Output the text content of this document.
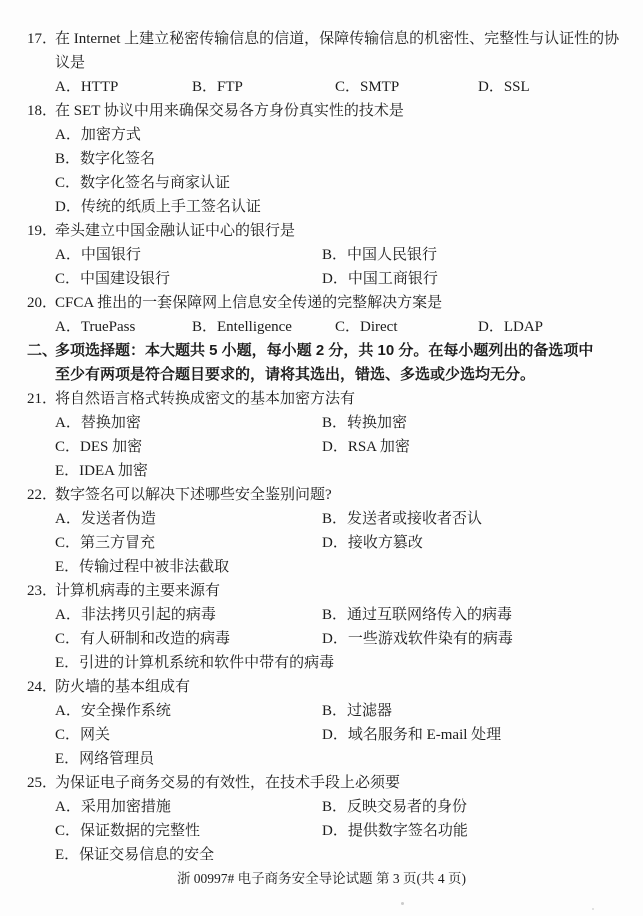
17．
在 Internet 上建立秘密传输信息的信道，保障传输信息的机密性、完整性与认证性的协
议是
A．HTTP	B．FTP	C．SMTP	D．SSL
18．
在 SET 协议中用来确保交易各方身份真实性的技术是
A．加密方式
B．数字化签名
C．数字化签名与商家认证
D．传统的纸质上手工签名认证
19．
牵头建立中国金融认证中心的银行是
A．中国银行	B．中国人民银行
C．中国建设银行	D．中国工商银行
20．
CFCA 推出的一套保障网上信息安全传递的完整解决方案是
A．TruePass	B．Entelligence	C．Direct	D．LDAP
二、
多项选择题：本大题共 5 小题，每小题 2 分，共 10 分。在每小题列出的备选项中
至少有两项是符合题目要求的，请将其选出，错选、多选或少选均无分。
21．
将自然语言格式转换成密文的基本加密方法有
A．替换加密	B．转换加密
C．DES 加密	D．RSA 加密
E．IDEA 加密
22．
数字签名可以解决下述哪些安全鉴别问题?
A．发送者伪造	B．发送者或接收者否认
C．第三方冒充	D．接收方篡改
E．传输过程中被非法截取
23．
计算机病毒的主要来源有
A．非法拷贝引起的病毒	B．通过互联网络传入的病毒
C．有人研制和改造的病毒	D．一些游戏软件染有的病毒
E．引进的计算机系统和软件中带有的病毒
24．
防火墙的基本组成有
A．安全操作系统	B．过滤器
C．网关	D．域名服务和 E-mail 处理
E．网络管理员
25．
为保证电子商务交易的有效性，在技术手段上必须要
A．采用加密措施	B．反映交易者的身份
C．保证数据的完整性	D．提供数字签名功能
E．保证交易信息的安全
浙 00997# 电子商务安全导论试题 第 3 页(共 4 页)
